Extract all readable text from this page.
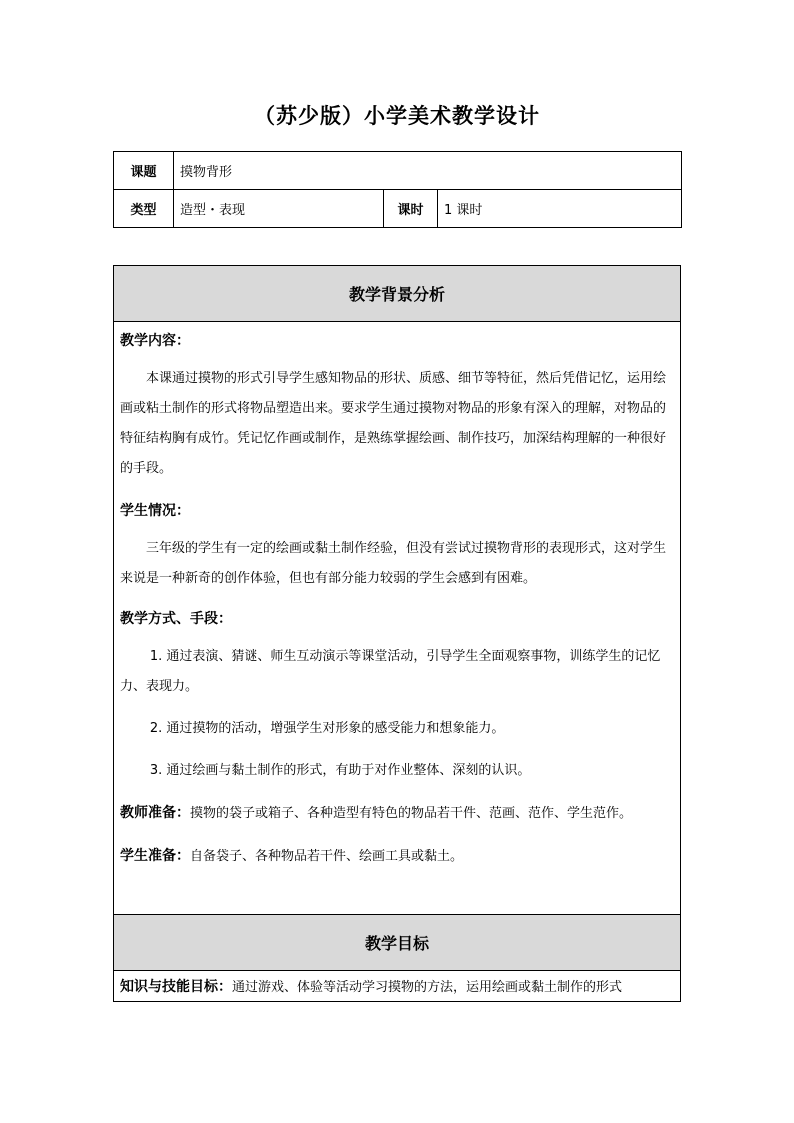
（苏少版）小学美术教学设计
课题	摸物背形		
类型	造型・表现	课时	1 课时
教学背景分析

教学内容：

本课通过摸物的形式引导学生感知物品的形状、质感、细节等特征，然后凭借记忆，运用绘画或粘土制作的形式将物品塑造出来。要求学生通过摸物对物品的形象有深入的理解，对物品的特征结构胸有成竹。凭记忆作画或制作，是熟练掌握绘画、制作技巧，加深结构理解的一种很好的手段。

学生情况：

三年级的学生有一定的绘画或黏土制作经验，但没有尝试过摸物背形的表现形式，这对学生来说是一种新奇的创作体验，但也有部分能力较弱的学生会感到有困难。

教学方式、手段：

1. 通过表演、猜谜、师生互动演示等课堂活动，引导学生全面观察事物，训练学生的记忆力、表现力。

2. 通过摸物的活动，增强学生对形象的感受能力和想象能力。

3. 通过绘画与黏土制作的形式，有助于对作业整体、深刻的认识。

教师准备：摸物的袋子或箱子、各种造型有特色的物品若干件、范画、范作、学生范作。

学生准备：自备袋子、各种物品若干件、绘画工具或黏土。

教学目标
知识与技能目标：通过游戏、体验等活动学习摸物的方法，运用绘画或黏土制作的形式
